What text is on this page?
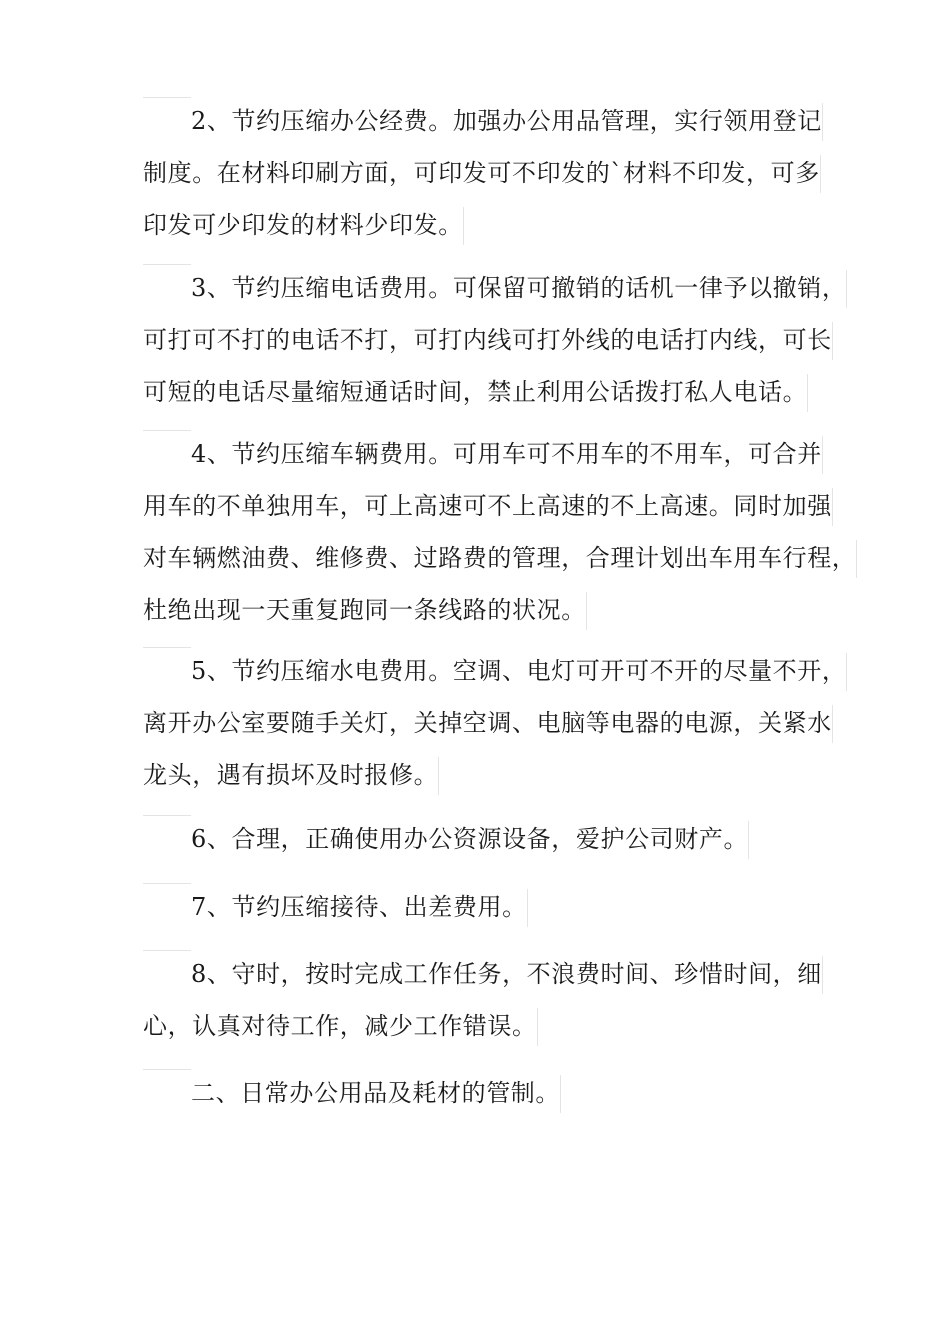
2、节约压缩办公经费。加强办公用品管理，实行领用登记
制度。在材料印刷方面，可印发可不印发的`材料不印发，可多
印发可少印发的材料少印发。
3、节约压缩电话费用。可保留可撤销的话机一律予以撤销，
可打可不打的电话不打，可打内线可打外线的电话打内线，可长
可短的电话尽量缩短通话时间，禁止利用公话拨打私人电话。
4、节约压缩车辆费用。可用车可不用车的不用车，可合并
用车的不单独用车，可上高速可不上高速的不上高速。同时加强
对车辆燃油费、维修费、过路费的管理，合理计划出车用车行程，
杜绝出现一天重复跑同一条线路的状况。
5、节约压缩水电费用。空调、电灯可开可不开的尽量不开，
离开办公室要随手关灯，关掉空调、电脑等电器的电源，关紧水
龙头，遇有损坏及时报修。
6、合理，正确使用办公资源设备，爱护公司财产。
7、节约压缩接待、出差费用。
8、守时，按时完成工作任务，不浪费时间、珍惜时间，细
心，认真对待工作，减少工作错误。
二、日常办公用品及耗材的管制。
